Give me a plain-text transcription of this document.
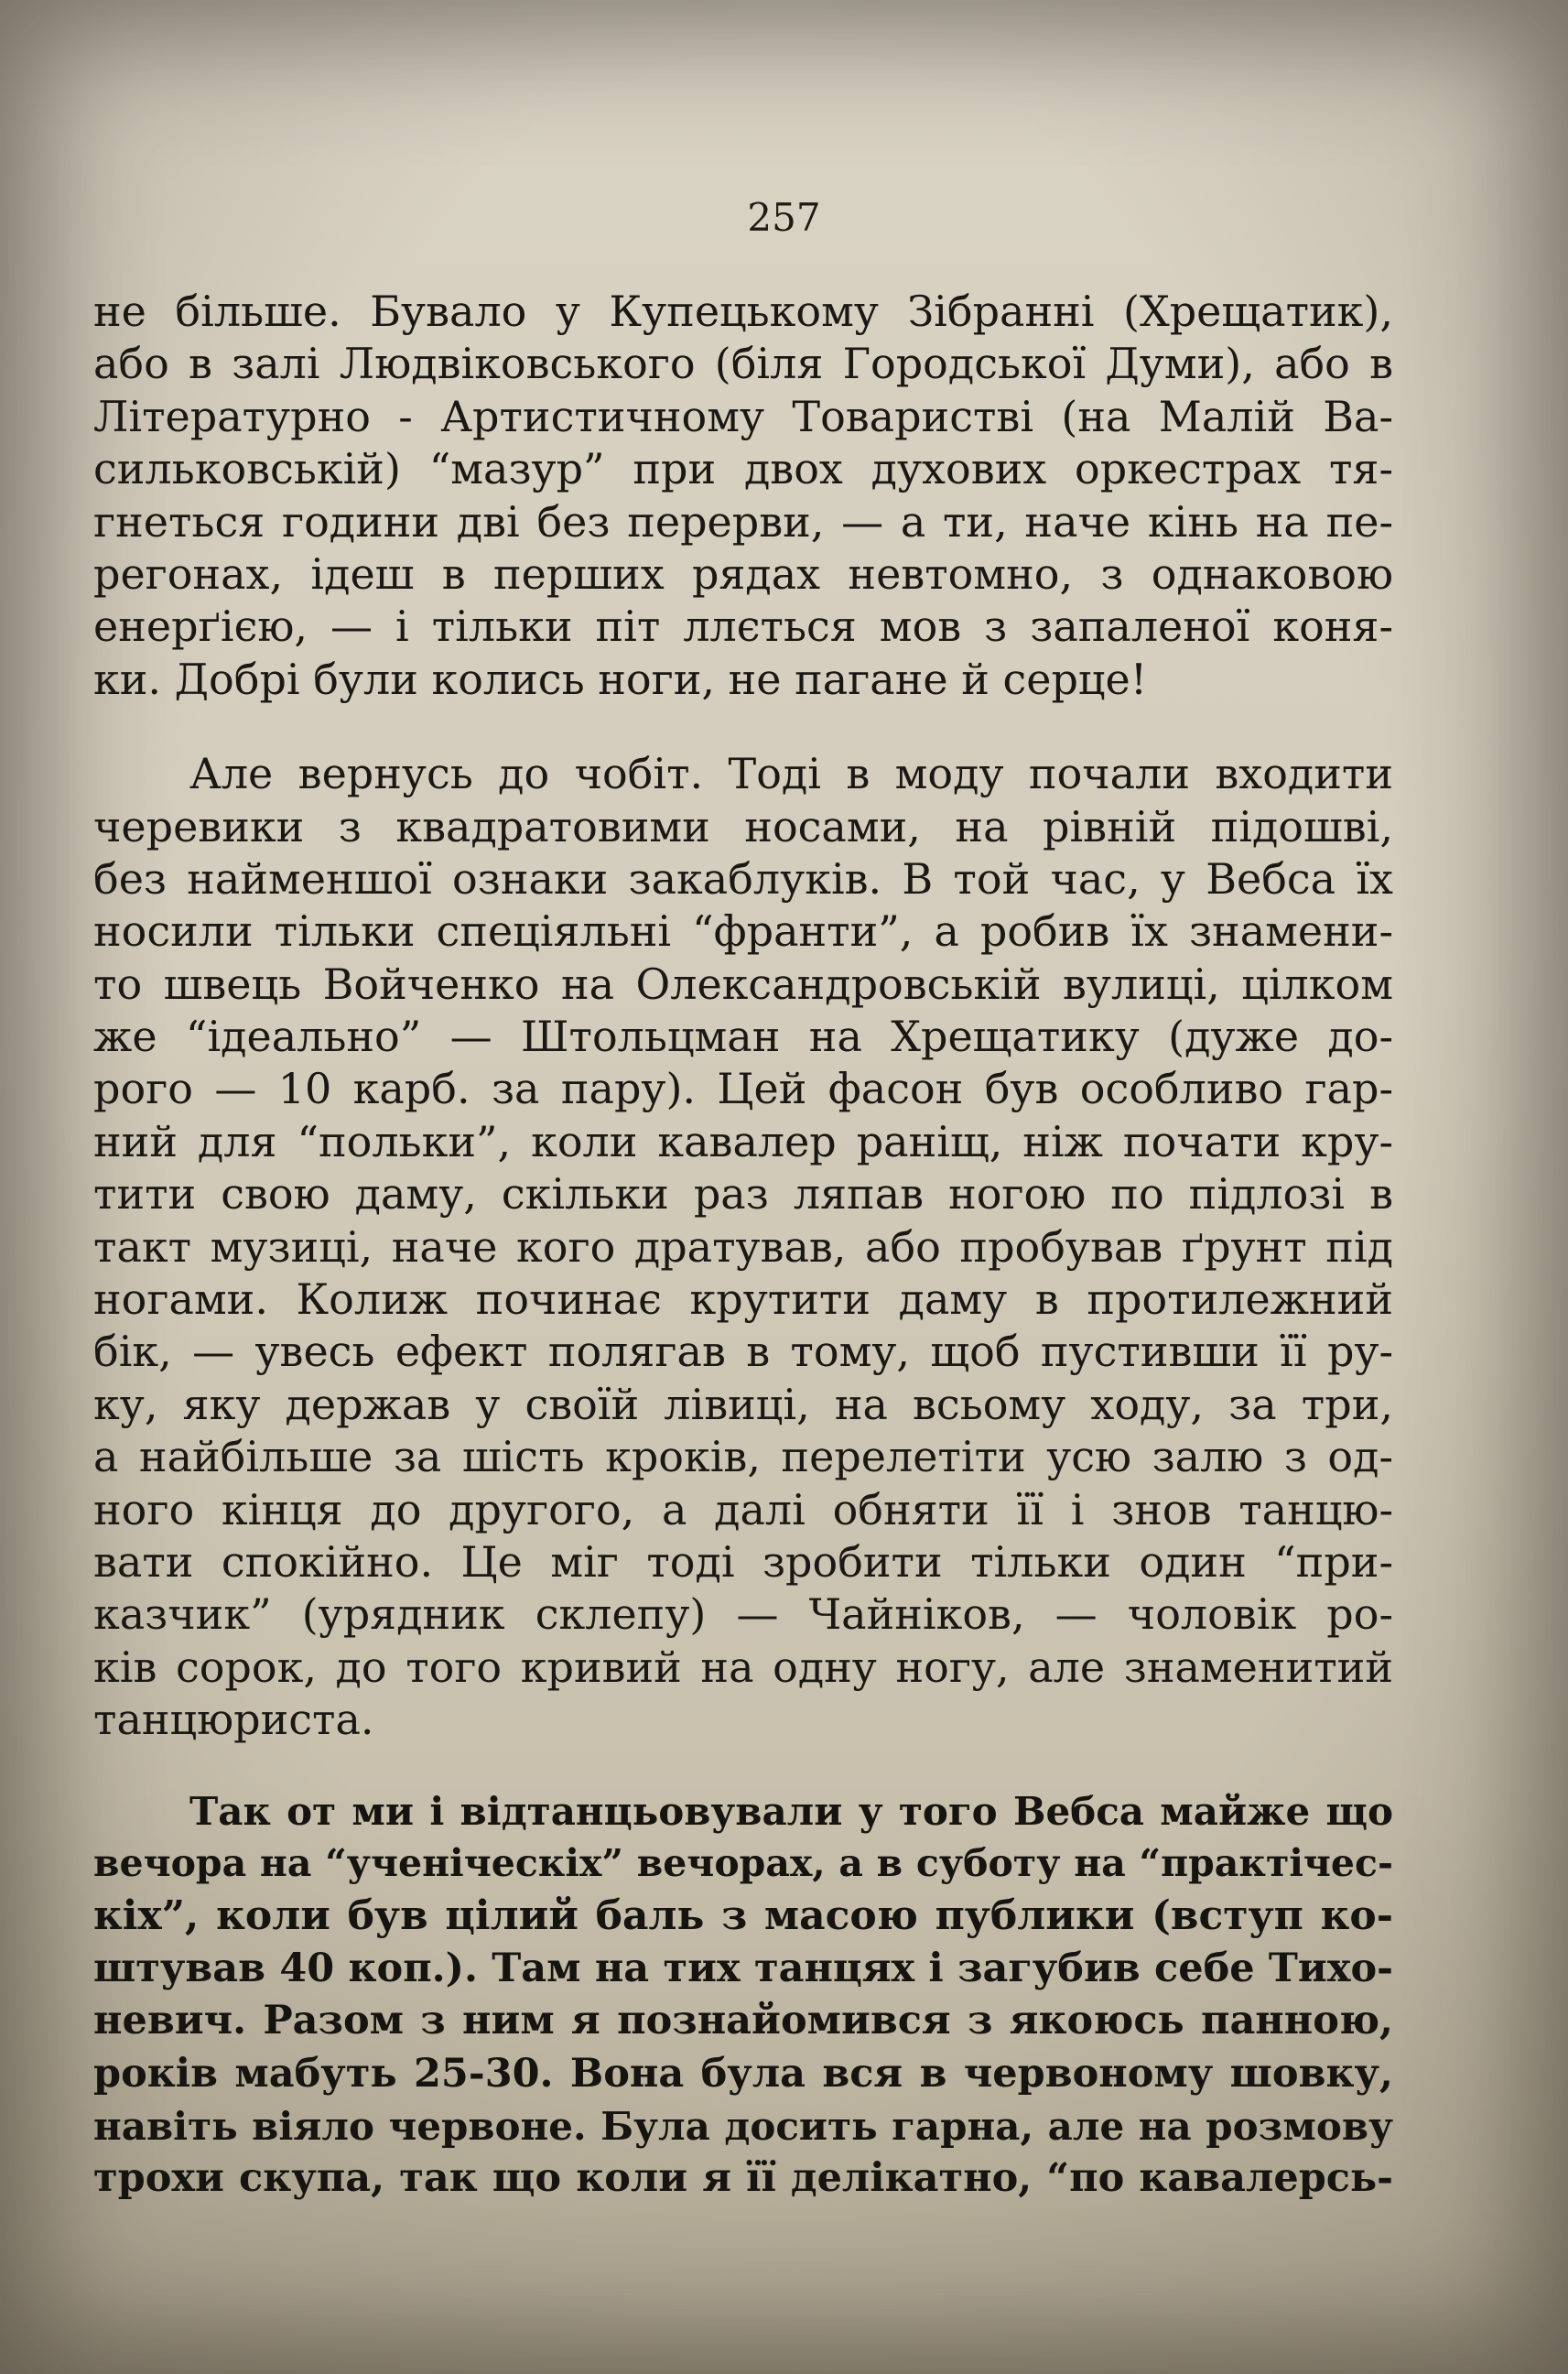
257

не більше. Бувало у Купецькому Зібранні (Хрещатик),
або в залі Людвіковського (біля Городської Думи), або в
Літературно - Артистичному Товаристві (на Малій Ва-
сильковській) “мазур” при двох духових оркестрах тя-
гнеться години дві без перерви, — а ти, наче кінь на пе-
регонах, ідеш в перших рядах невтомно, з однаковою
енерґією, — і тільки піт ллється мов з запаленої коня-
ки. Добрі були колись ноги, не пагане й серце!

Але вернусь до чобіт. Тоді в моду почали входити
черевики з квадратовими носами, на рівній підошві,
без найменшої ознаки закаблуків. В той час, у Вебса їх
носили тільки спеціяльні “франти”, а робив їх знамени-
то швець Войченко на Олександровській вулиці, цілком
же “ідеально” — Штольцман на Хрещатику (дуже до-
рого — 10 карб. за пару). Цей фасон був особливо гар-
ний для “польки”, коли кавалер раніщ, ніж почати кру-
тити свою даму, скільки раз ляпав ногою по підлозі в
такт музиці, наче кого дратував, або пробував ґрунт під
ногами. Колиж починає крутити даму в протилежний
бік, — увесь ефект полягав в тому, щоб пустивши її ру-
ку, яку держав у своїй лівиці, на всьому ходу, за три,
а найбільше за шість кроків, перелетіти усю залю з од-
ного кінця до другого, а далі обняти її і знов танцю-
вати спокійно. Це міг тоді зробити тільки один “при-
казчик” (урядник склепу) — Чайніков, — чоловік ро-
ків сорок, до того кривий на одну ногу, але знаменитий
танцюриста.

Так от ми і відтанцьовували у того Вебса майже що
вечора на “ученіческіх” вечорах, а в суботу на “практічес-
кіх”, коли був цілий баль з масою публики (вступ ко-
штував 40 коп.). Там на тих танцях і загубив себе Тихо-
невич. Разом з ним я познайомився з якоюсь панною,
років мабуть 25-30. Вона була вся в червоному шовку,
навіть віяло червоне. Була досить гарна, але на розмову
трохи скупа, так що коли я її делікатно, “по кавалерсь-
